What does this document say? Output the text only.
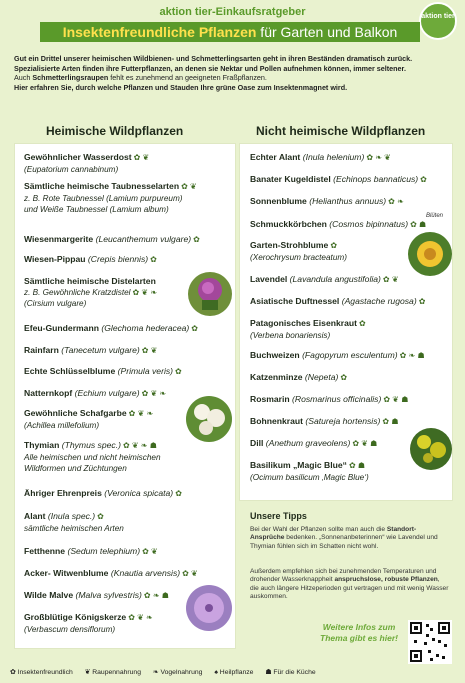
aktion tier-Einkaufsratgeber	aktion tier
Insektenfreundliche Pflanzen für Garten und Balkon
Gut ein Drittel unserer heimischen Wildbienen- und Schmetterlingsarten geht in ihren Beständen dramatisch zurück.
Spezialisierte Arten finden ihre Futterpflanzen, an denen sie Nektar und Pollen aufnehmen können, immer seltener.
Auch Schmetterlingsraupen fehlt es zunehmend an geeigneten Fraßpflanzen.
Hier erfahren Sie, durch welche Pflanzen und Stauden Ihre grüne Oase zum Insektenmagnet wird.
Heimische Wildpflanzen	Nicht heimische Wildpflanzen
Gewöhnlicher Wasserdost ✿ ❦
(Eupatorium cannabinum)
Sämtliche heimische Taubnesselarten ✿ ❦
z. B. Rote Taubnessel (Lamium purpureum)
und Weiße Taubnessel (Lamium album)
Wiesenmargerite (Leucanthemum vulgare) ✿
Wiesen-Pippau (Crepis biennis) ✿
Sämtliche heimische Distelarten
z. B. Gewöhnliche Kratzdistel ✿ ❦ ❧
(Cirsium vulgare)
Efeu-Gundermann (Glechoma hederacea) ✿
Rainfarn (Tanecetum vulgare) ✿ ❦
Echte Schlüsselblume (Primula veris) ✿
Natternkopf (Echium vulgare) ✿ ❦ ❧
Gewöhnliche Schafgarbe ✿ ❦ ❧
(Achillea millefolium)
Thymian (Thymus spec.) ✿ ❦ ❧ ☗
Alle heimischen und nicht heimischen
Wildformen und Züchtungen
Ähriger Ehrenpreis (Veronica spicata) ✿
Alant (Inula spec.) ✿
sämtliche heimischen Arten
Fetthenne (Sedum telephium) ✿ ❦
Acker- Witwenblume (Knautia arvensis) ✿ ❦
Wilde Malve (Malva sylvestris) ✿ ❧ ☗
Großblütige Königskerze ✿ ❦ ❧
(Verbascum densiflorum)
Echter Alant (Inula helenium) ✿ ❧ ❦
Banater Kugeldistel (Echinops bannaticus) ✿
Sonnenblume (Helianthus annuus) ✿ ❧
Blüten
Schmuckkörbchen (Cosmos bipinnatus) ✿ ☗
Garten-Strohblume ✿
(Xerochrysum bracteatum)
Lavendel (Lavandula angustifolia) ✿ ❦
Asiatische Duftnessel (Agastache rugosa) ✿
Patagonisches Eisenkraut ✿
(Verbena bonariensis)
Buchweizen (Fagopyrum esculentum) ✿ ❧ ☗
Katzenminze (Nepeta) ✿
Rosmarin (Rosmarinus officinalis) ✿ ❦ ☗
Bohnenkraut (Satureja hortensis) ✿ ☗
Dill (Anethum graveolens) ✿ ❦ ☗
Basilikum „Magic Blue“ ✿ ☗
(Ocimum basilicum ‚Magic Blue‘)
Unsere Tipps
Bei der Wahl der Pflanzen sollte man auch die Standort-Ansprüche bedenken. „Sonnenanbeterinnen“ wie Lavendel und Thymian fühlen sich im Schatten nicht wohl.
Außerdem empfehlen sich bei zunehmenden Temperaturen und drohender Wasserknappheit anspruchslose, robuste Pflanzen, die auch längere Hitzeperioden gut vertragen und mit wenig Wasser auskommen.
Weitere Infos zum
Thema gibt es hier!
✿ Insektenfreundlich ❦ Raupennahrung ❧ Vogelnahrung ♠ Heilpflanze ☗ Für die Küche
